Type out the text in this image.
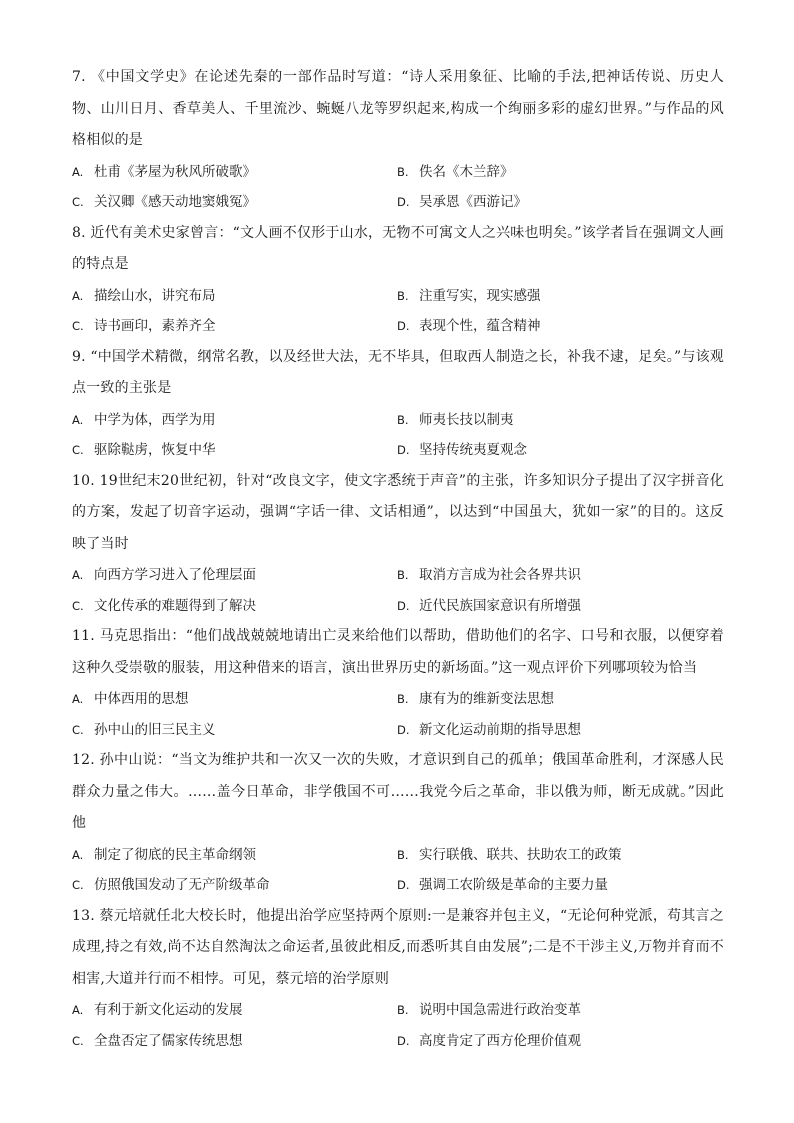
7. 《中国文学史》在论述先秦的一部作品时写道：“诗人采用象征、比喻的手法,把神话传说、历史人物、山川日月、香草美人、千里流沙、蜿蜒八龙等罗织起来,构成一个绚丽多彩的虚幻世界。”与作品的风格相似的是

A. 杜甫《茅屋为秋风所破歌》	B. 佚名《木兰辞》
C. 关汉卿《感天动地窦娥冤》	D. 吴承恩《西游记》

8. 近代有美术史家曾言：“文人画不仅形于山水，无物不可寓文人之兴味也明矣。”该学者旨在强调文人画的特点是

A. 描绘山水，讲究布局	B. 注重写实，现实感强
C. 诗书画印，素养齐全	D. 表现个性，蕴含精神

9. “中国学术精微，纲常名教，以及经世大法，无不毕具，但取西人制造之长，补我不逮，足矣。”与该观点一致的主张是

A. 中学为体，西学为用	B. 师夷长技以制夷
C. 驱除鞑虏，恢复中华	D. 坚持传统夷夏观念

10. 19世纪末20世纪初，针对“改良文字，使文字悉统于声音”的主张，许多知识分子提出了汉字拼音化的方案，发起了切音字运动，强调“字话一律、文话相通”，以达到“中国虽大，犹如一家”的目的。这反映了当时

A. 向西方学习进入了伦理层面	B. 取消方言成为社会各界共识
C. 文化传承的难题得到了解决	D. 近代民族国家意识有所增强

11. 马克思指出：“他们战战兢兢地请出亡灵来给他们以帮助，借助他们的名字、口号和衣服，以便穿着这种久受崇敬的服装，用这种借来的语言，演出世界历史的新场面。”这一观点评价下列哪项较为恰当

A. 中体西用的思想	B. 康有为的维新变法思想
C. 孙中山的旧三民主义	D. 新文化运动前期的指导思想

12. 孙中山说：“当文为维护共和一次又一次的失败，才意识到自己的孤单；俄国革命胜利，才深感人民群众力量之伟大。……盖今日革命，非学俄国不可……我党今后之革命，非以俄为师，断无成就。”因此他

A. 制定了彻底的民主革命纲领	B. 实行联俄、联共、扶助农工的政策
C. 仿照俄国发动了无产阶级革命	D. 强调工农阶级是革命的主要力量

13. 蔡元培就任北大校长时，他提出治学应坚持两个原则:一是兼容并包主义，“无论何种党派，苟其言之成理,持之有效,尚不达自然淘汰之命运者,虽彼此相反,而悉听其自由发展”;二是不干涉主义,万物并育而不相害,大道并行而不相悖。可见，蔡元培的治学原则

A. 有利于新文化运动的发展	B. 说明中国急需进行政治变革
C. 全盘否定了儒家传统思想	D. 高度肯定了西方伦理价值观
